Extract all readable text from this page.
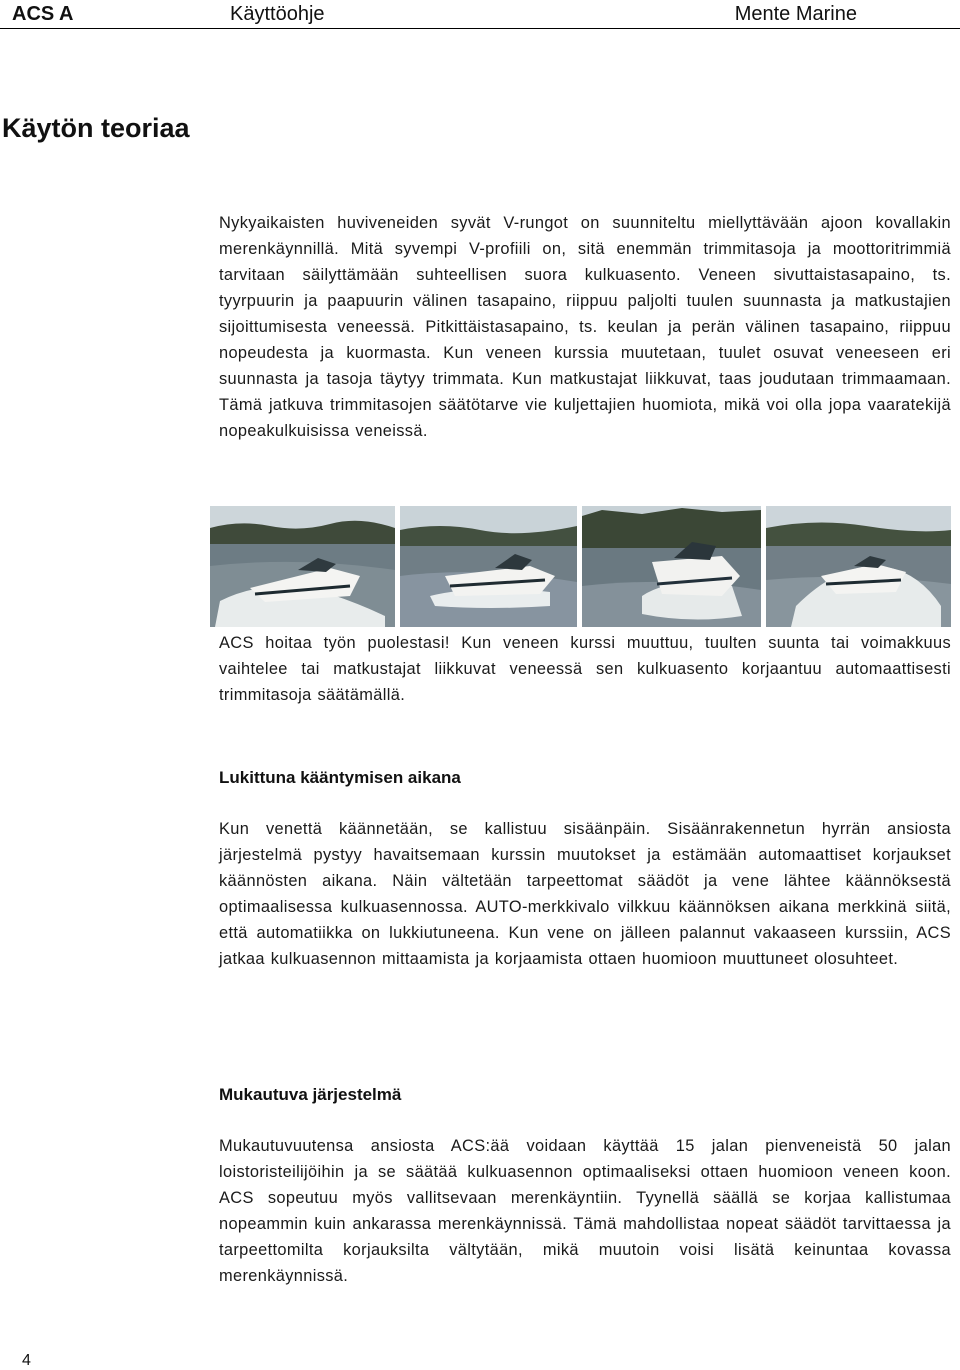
ACS A	Käyttöohje	Mente Marine
Käytön teoriaa

Nykyaikaisten huviveneiden syvät V-rungot on suunniteltu miellyttävään ajoon kovallakin merenkäynnillä. Mitä syvempi V-profiili on, sitä enemmän trimmitasoja ja moottoritrimmiä tarvitaan säilyttämään suhteellisen suora kulkuasento. Veneen sivuttaistasapaino, ts. tyyrpuurin ja paapuurin välinen tasapaino, riippuu paljolti tuulen suunnasta ja matkustajien sijoittumisesta veneessä. Pitkittäistasapaino, ts. keulan ja perän välinen tasapaino, riippuu nopeudesta ja kuormasta. Kun veneen kurssia muutetaan, tuulet osuvat veneeseen eri suunnasta ja tasoja täytyy trimmata. Kun matkustajat liikkuvat, taas joudutaan trimmaamaan. Tämä jatkuva trimmitasojen säätötarve vie kuljettajien huomiota, mikä voi olla jopa vaaratekijä nopeakulkuisissa veneissä.

ACS hoitaa työn puolestasi! Kun veneen kurssi muuttuu, tuulten suunta tai voimakkuus vaihtelee tai matkustajat liikkuvat veneessä sen kulkuasento korjaantuu automaattisesti trimmitasoja säätämällä.

Lukittuna kääntymisen aikana

Kun venettä käännetään, se kallistuu sisäänpäin. Sisäänrakennetun hyrrän ansiosta järjestelmä pystyy havaitsemaan kurssin muutokset ja estämään automaattiset korjaukset käännösten aikana. Näin vältetään tarpeettomat säädöt ja vene lähtee käännöksestä optimaalisessa kulkuasennossa. AUTO-merkkivalo vilkkuu käännöksen aikana merkkinä siitä, että automatiikka on lukkiutuneena. Kun vene on jälleen palannut vakaaseen kurssiin, ACS jatkaa kulkuasennon mittaamista ja korjaamista ottaen huomioon muuttuneet olosuhteet.

Mukautuva järjestelmä

Mukautuvuutensa ansiosta ACS:ää voidaan käyttää 15 jalan pienveneistä 50 jalan loistoristeilijöihin ja se säätää kulkuasennon optimaaliseksi ottaen huomioon veneen koon. ACS sopeutuu myös vallitsevaan merenkäyntiin. Tyynellä säällä se korjaa kallistumaa nopeammin kuin ankarassa merenkäynnissä. Tämä mahdollistaa nopeat säädöt tarvittaessa ja tarpeettomilta korjauksilta vältytään, mikä muutoin voisi lisätä keinuntaa kovassa merenkäynnissä.

4
